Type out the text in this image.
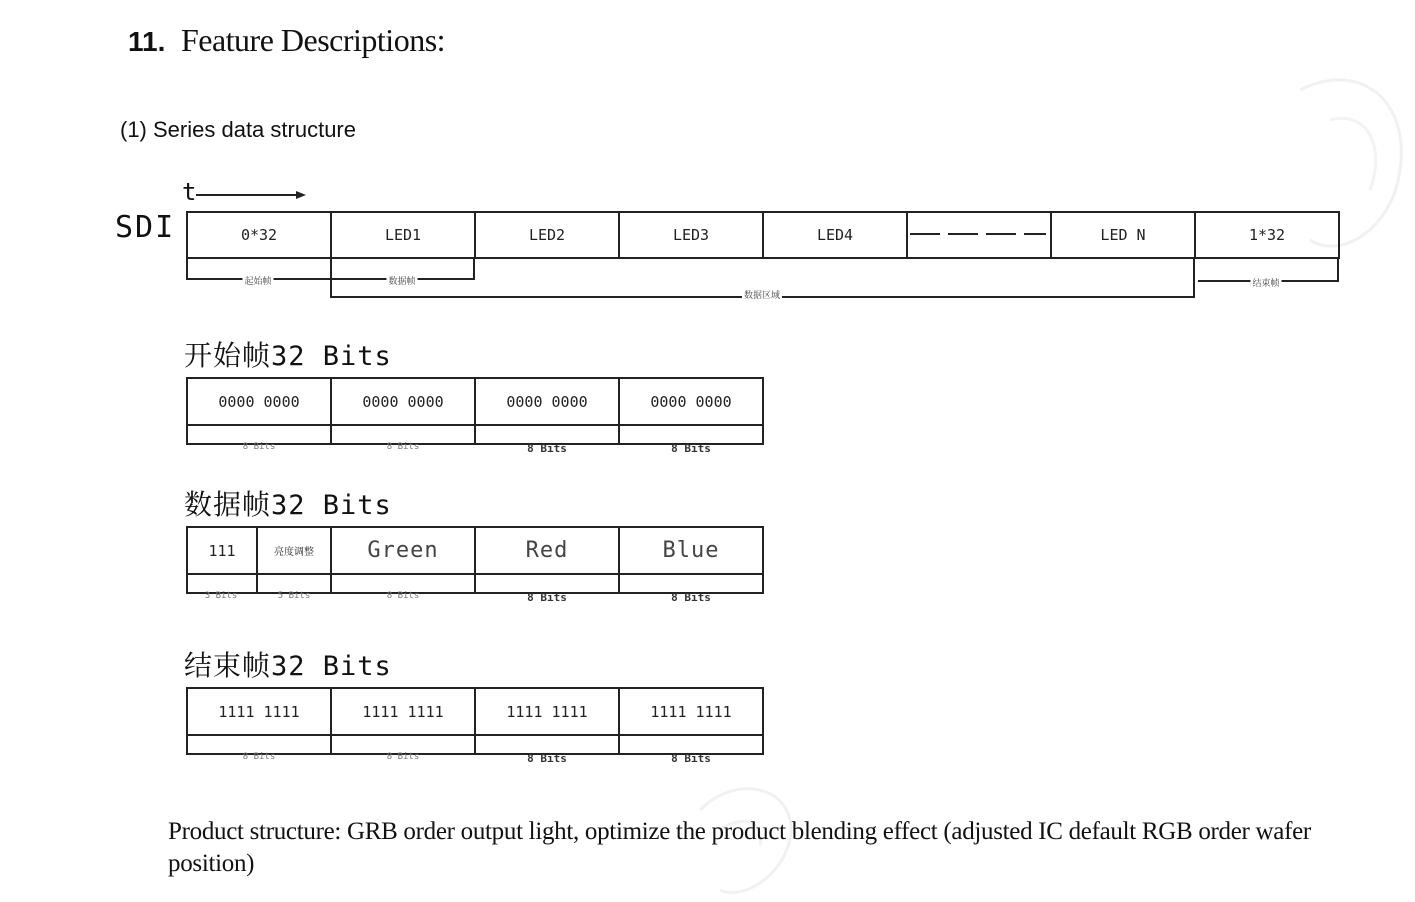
11. Feature Descriptions:
(1) Series data structure
t
SDI	0*32	LED1	LED2	LED3	LED4	LED N	1*32
起始帧	数据帧
数据区域
结束帧
开始帧32 Bits
0000 0000	0000 0000	0000 0000	0000 0000
8 Bits	8 Bits	8 Bits	8 Bits
数据帧32 Bits
111	亮度调整	Green	Red	Blue
3 Bits	5 Bits	8 Bits	8 Bits	8 Bits
结束帧32 Bits
1111 1111	1111 1111	1111 1111	1111 1111
8 Bits	8 Bits	8 Bits	8 Bits
Product structure: GRB order output light, optimize the product blending effect (adjusted IC default RGB order wafer position)
